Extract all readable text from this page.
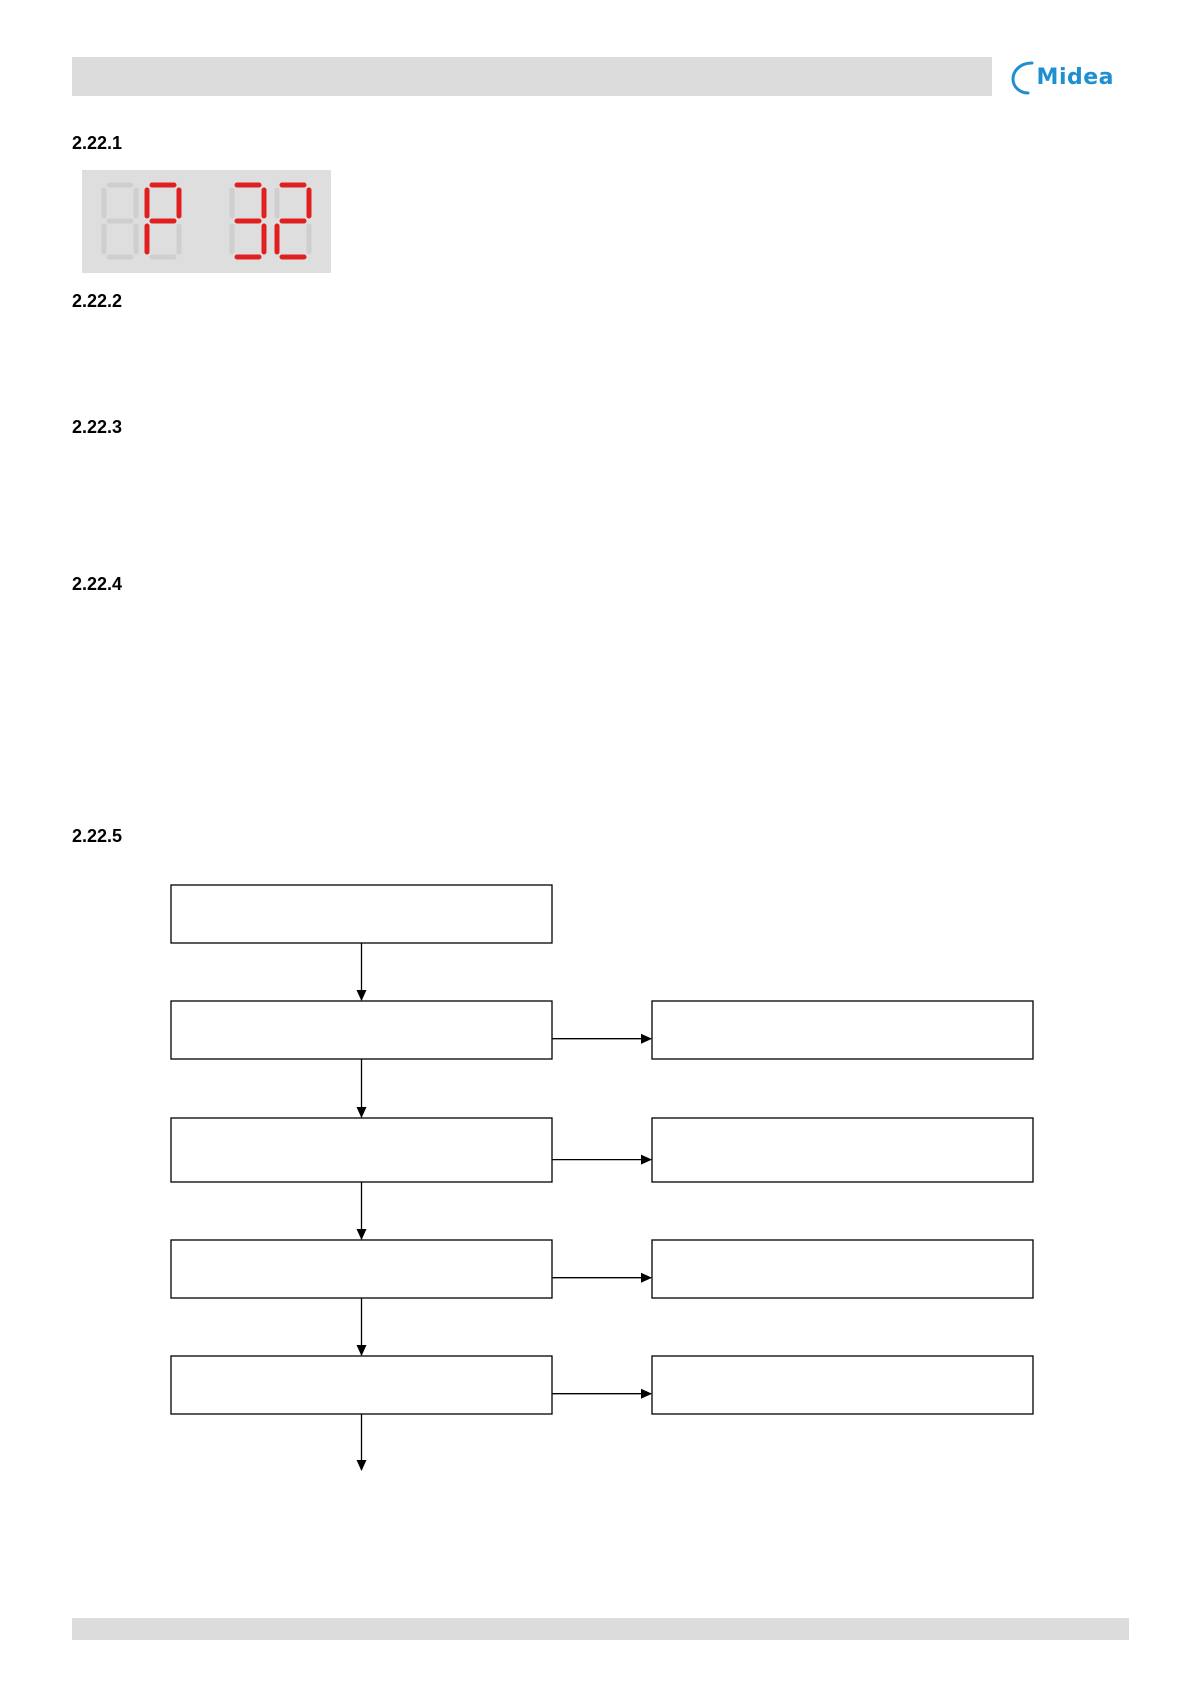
Midea
2.22.1
2.22.2
2.22.3
2.22.4
2.22.5
